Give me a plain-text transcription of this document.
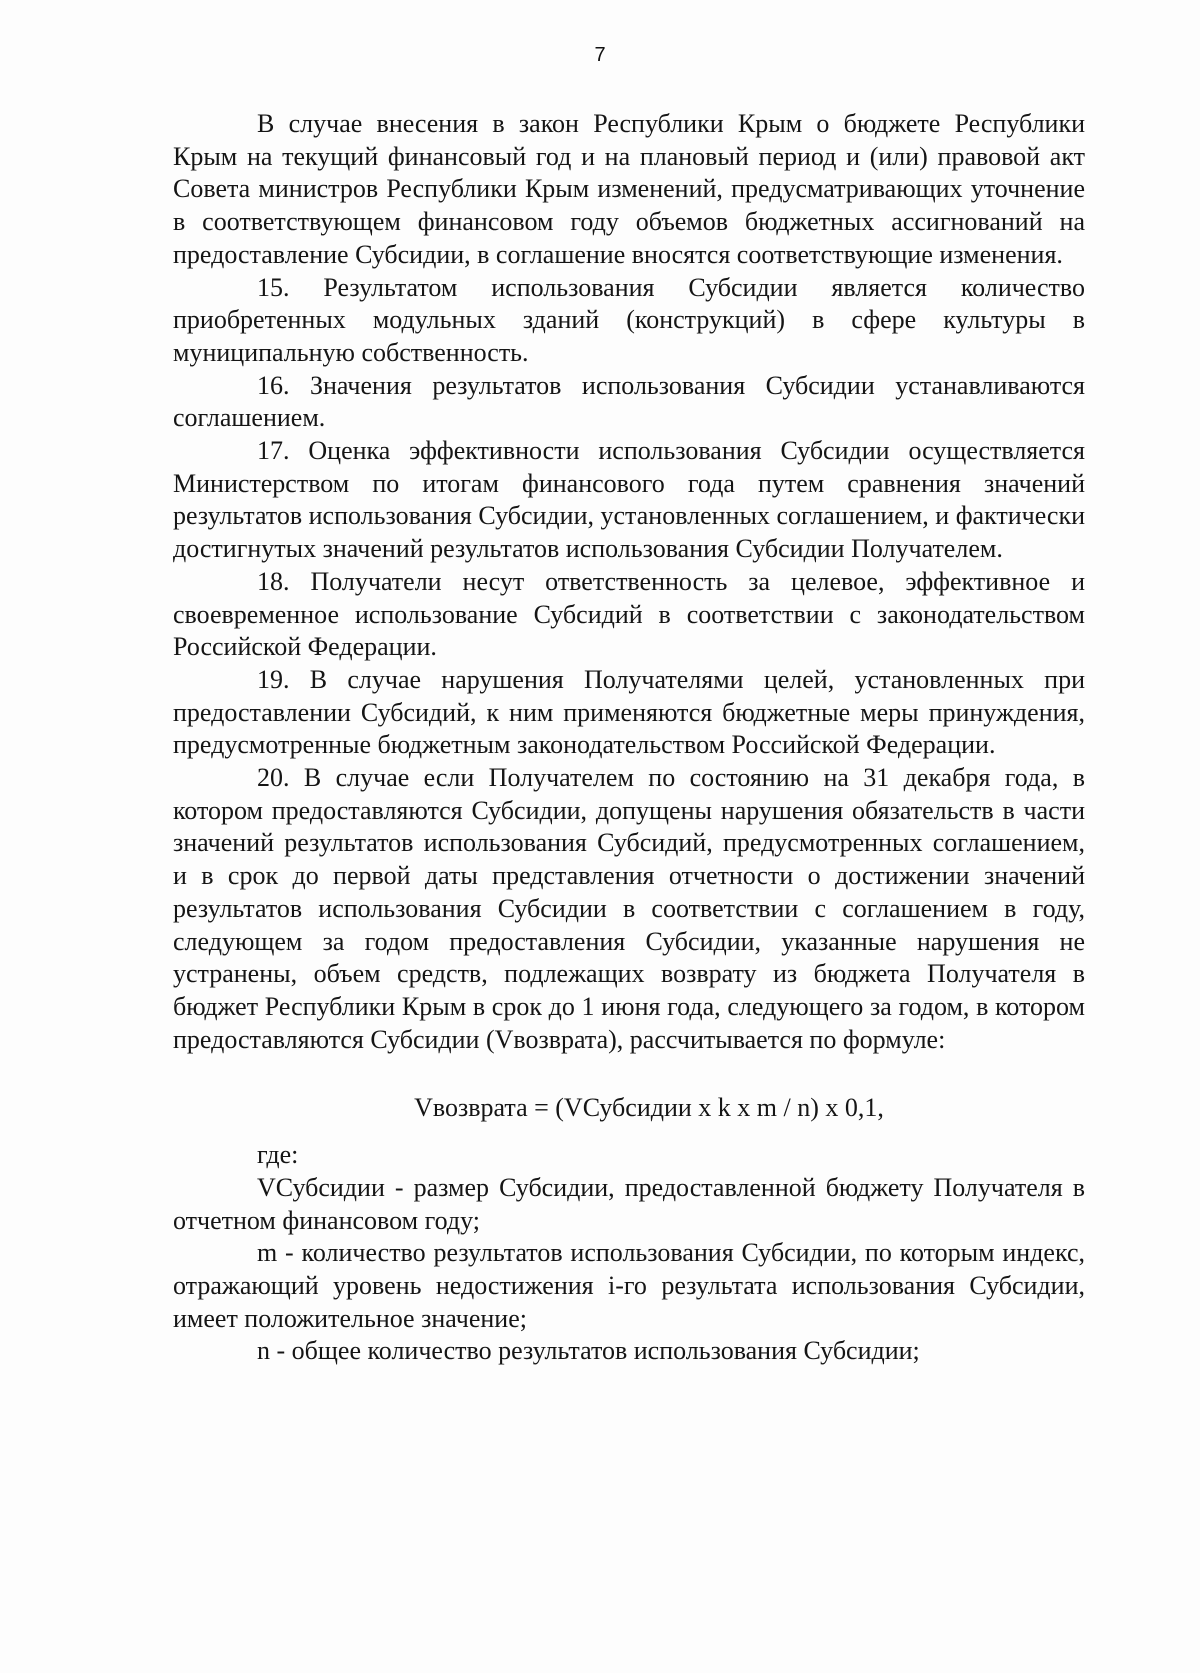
7

В случае внесения в закон Республики Крым о бюджете Республики Крым на текущий финансовый год и на плановый период и (или) правовой акт Совета министров Республики Крым изменений, предусматривающих уточнение в соответствующем финансовом году объемов бюджетных ассигнований на предоставление Субсидии, в соглашение вносятся соответствующие изменения.

15. Результатом использования Субсидии является количество приобретенных модульных зданий (конструкций) в сфере культуры в муниципальную собственность.

16. Значения результатов использования Субсидии устанавливаются соглашением.

17. Оценка эффективности использования Субсидии осуществляется Министерством по итогам финансового года путем сравнения значений результатов использования Субсидии, установленных соглашением, и фактически достигнутых значений результатов использования Субсидии Получателем.

18. Получатели несут ответственность за целевое, эффективное и своевременное использование Субсидий в соответствии с законодательством Российской Федерации.

19. В случае нарушения Получателями целей, установленных при предоставлении Субсидий, к ним применяются бюджетные меры принуждения, предусмотренные бюджетным законодательством Российской Федерации.

20. В случае если Получателем по состоянию на 31 декабря года, в котором предоставляются Субсидии, допущены нарушения обязательств в части значений результатов использования Субсидий, предусмотренных соглашением, и в срок до первой даты представления отчетности о достижении значений результатов использования Субсидии в соответствии с соглашением в году, следующем за годом предоставления Субсидии, указанные нарушения не устранены, объем средств, подлежащих возврату из бюджета Получателя в бюджет Республики Крым в срок до 1 июня года, следующего за годом, в котором предоставляются Субсидии (Vвозврата), рассчитывается по формуле:

Vвозврата = (VСубсидии x k x m / n) x 0,1,

где:

VСубсидии - размер Субсидии, предоставленной бюджету Получателя в отчетном финансовом году;

m - количество результатов использования Субсидии, по которым индекс, отражающий уровень недостижения i-го результата использования Субсидии, имеет положительное значение;

n - общее количество результатов использования Субсидии;
